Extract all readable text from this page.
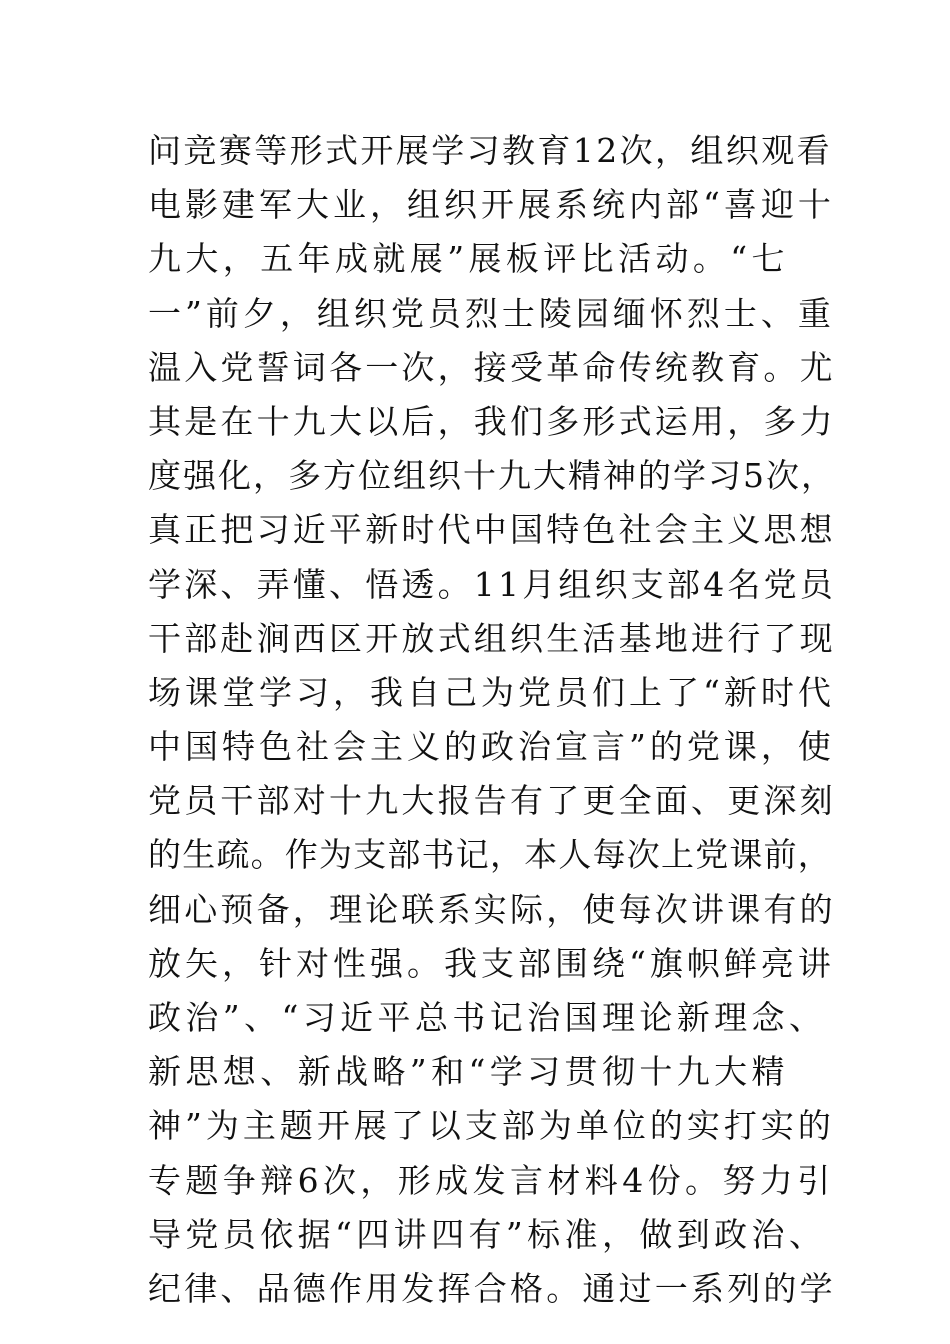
问竞赛等形式开展学习教育12次，组织观看
电影建军大业，组织开展系统内部“喜迎十
九大，五年成就展”展板评比活动。“七
一”前夕，组织党员烈士陵园缅怀烈士、重
温入党誓词各一次，接受革命传统教育。尤
其是在十九大以后，我们多形式运用，多力
度强化，多方位组织十九大精神的学习5次，
真正把习近平新时代中国特色社会主义思想
学深、弄懂、悟透。11月组织支部4名党员
干部赴涧西区开放式组织生活基地进行了现
场课堂学习，我自己为党员们上了“新时代
中国特色社会主义的政治宣言”的党课，使
党员干部对十九大报告有了更全面、更深刻
的生疏。作为支部书记，本人每次上党课前，
细心预备，理论联系实际，使每次讲课有的
放矢，针对性强。我支部围绕“旗帜鲜亮讲
政治”、“习近平总书记治国理论新理念、
新思想、新战略”和“学习贯彻十九大精
神”为主题开展了以支部为单位的实打实的
专题争辩6次，形成发言材料4份。努力引
导党员依据“四讲四有”标准，做到政治、
纪律、品德作用发挥合格。通过一系列的学
